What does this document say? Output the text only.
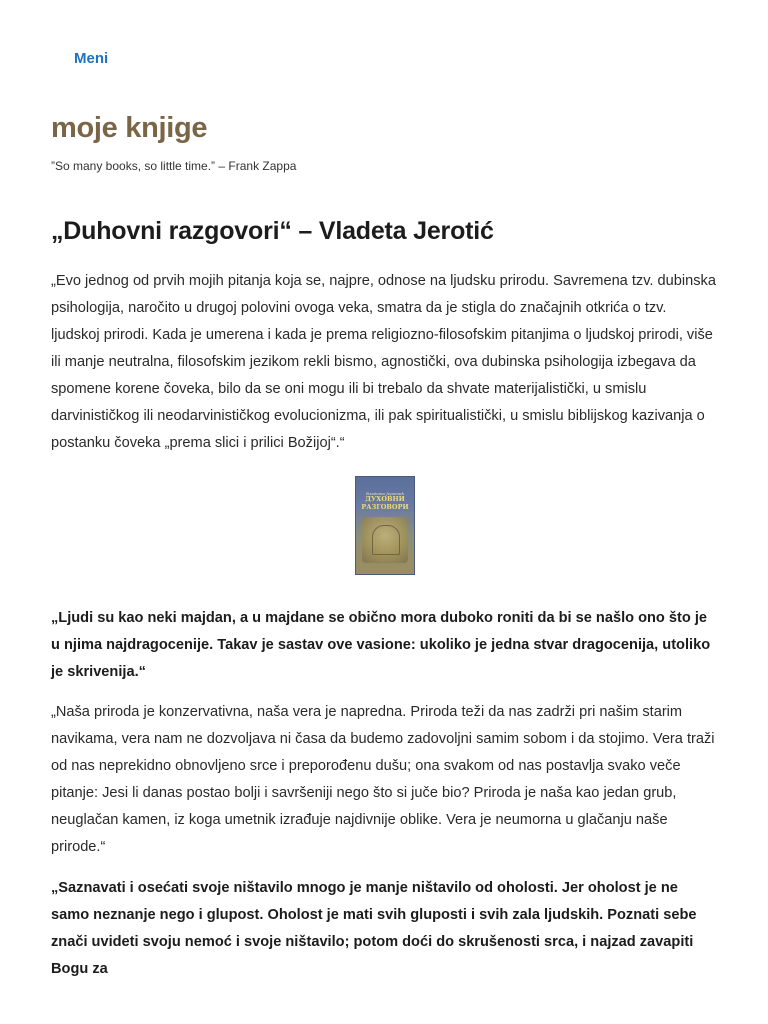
Meni
moje knjige

”So many books, so little time.” – Frank Zappa

„Duhovni razgovori“ – Vladeta Jerotić

„Evo jednog od prvih mojih pitanja koja se, najpre, odnose na ljudsku prirodu. Savremena tzv. dubinska psihologija, naročito u drugoj polovini ovoga veka, smatra da je stigla do značajnih otkrića o tzv. ljudskoj prirodi. Kada je umerena i kada je prema religiozno-filosofskim pitanjima o ljudskoj prirodi, više ili manje neutralna, filosofskim jezikom rekli bismo, agnostički, ova dubinska psihologija izbegava da spomene korene čoveka, bilo da se oni mogu ili bi trebalo da shvate materijalistički, u smislu darvinističkog ili neodarvinističkog evolucionizma, ili pak spiritualistički, u smislu biblijskog kazivanja o postanku čoveka „prema slici i prilici Božijoj“.“

Владета Јеротић
ДУХОВНИ
РАЗГОВОРИ

„Ljudi su kao neki majdan, a u majdane se obično mora duboko roniti da bi se našlo ono što je u njima najdragocenije. Takav je sastav ove vasione: ukoliko je jedna stvar dragocenija, utoliko je skrivenija.“

„Naša priroda je konzervativna, naša vera je napredna. Priroda teži da nas zadrži pri našim starim navikama, vera nam ne dozvoljava ni časa da budemo zadovoljni samim sobom i da stojimo. Vera traži od nas neprekidno obnovljeno srce i preporođenu dušu; ona svakom od nas postavlja svako veče pitanje: Jesi li danas postao bolji i savršeniji nego što si juče bio? Priroda je naša kao jedan grub, neuglačan kamen, iz koga umetnik izrađuje najdivnije oblike. Vera je neumorna u glačanju naše prirode.“

„Saznavati i osećati svoje ništavilo mnogo je manje ništavilo od oholosti. Jer oholost je ne samo neznanje nego i glupost. Oholost je mati svih gluposti i svih zala ljudskih. Poznati sebe znači uvideti svoju nemoć i svoje ništavilo; potom doći do skrušenosti srca, i najzad zavapiti Bogu za
